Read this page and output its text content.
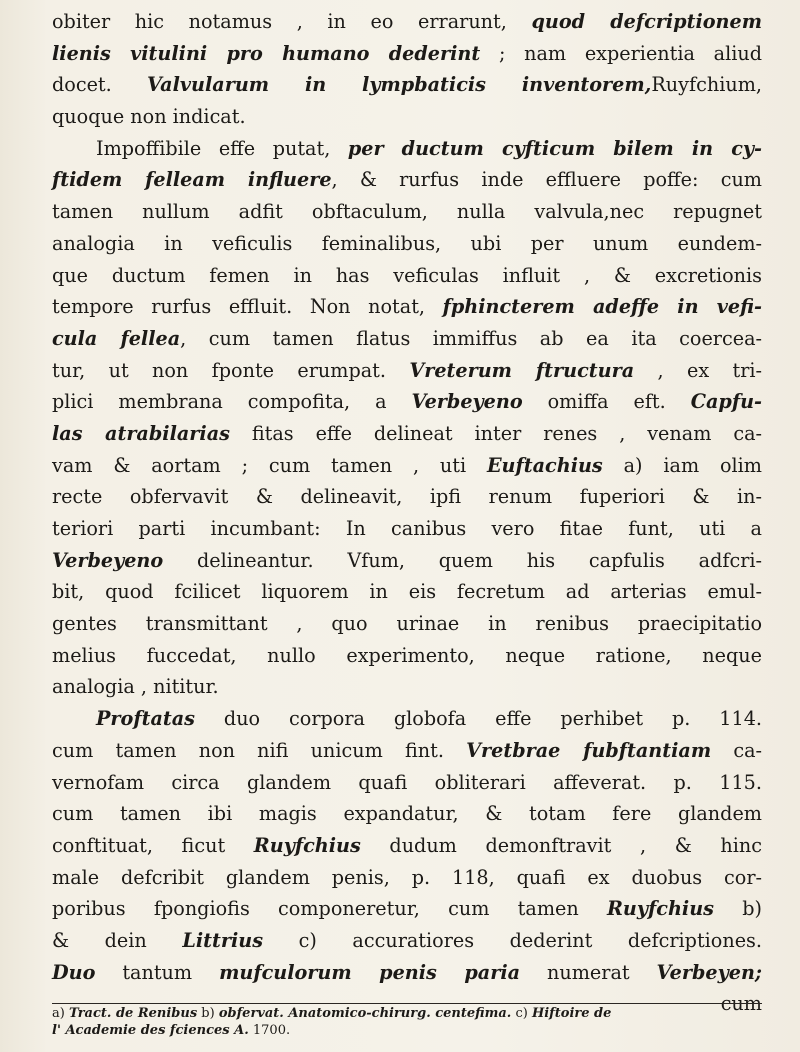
obiter hic notamus , in eo errarunt, quod defcriptionem
lienis vitulini pro humano dederint ; nam experientia aliud
docet. Valvularum in lympbaticis inventorem,Ruyfchium,
quoque non indicat.
Impoffibile effe putat, per ductum cyfticum bilem in cy-
ftidem felleam influere, & rurfus inde effluere poffe: cum
tamen nullum adfit obftaculum, nulla valvula,nec repugnet
analogia in veficulis feminalibus, ubi per unum eundem-
que ductum femen in has veficulas influit , & excretionis
tempore rurfus effluit. Non notat, fphincterem adeffe in vefi-
cula fellea, cum tamen flatus immiffus ab ea ita coercea-
tur, ut non fponte erumpat. Vreterum ftructura , ex tri-
plici membrana compofita, a Verbeyeno omiffa eft. Capfu-
las atrabilarias fitas effe delineat inter renes , venam ca-
vam & aortam ; cum tamen , uti Euftachius a) iam olim
recte obfervavit & delineavit, ipfi renum fuperiori & in-
teriori parti incumbant: In canibus vero fitae funt, uti a
Verbeyeno delineantur. Vfum, quem his capfulis adfcri-
bit, quod fcilicet liquorem in eis fecretum ad arterias emul-
gentes transmittant , quo urinae in renibus praecipitatio
melius fuccedat, nullo experimento, neque ratione, neque
analogia , nititur.
Proftatas duo corpora globofa effe perhibet p. 114.
cum tamen non nifi unicum fint. Vretbrae fubftantiam ca-
vernofam circa glandem quafi obliterari affeverat. p. 115.
cum tamen ibi magis expandatur, & totam fere glandem
conftituat, ficut Ruyfchius dudum demonftravit , & hinc
male defcribit glandem penis, p. 118, quafi ex duobus cor-
poribus fpongiofis componeretur, cum tamen Ruyfchius b)
& dein Littrius c) accuratiores dederint defcriptiones.
Duo tantum mufculorum penis paria numerat Verbeyen;
cum
a) Tract. de Renibus b) obfervat. Anatomico-chirurg. centefima. c) Hiftoire de
l' Academie des fciences A. 1700.
